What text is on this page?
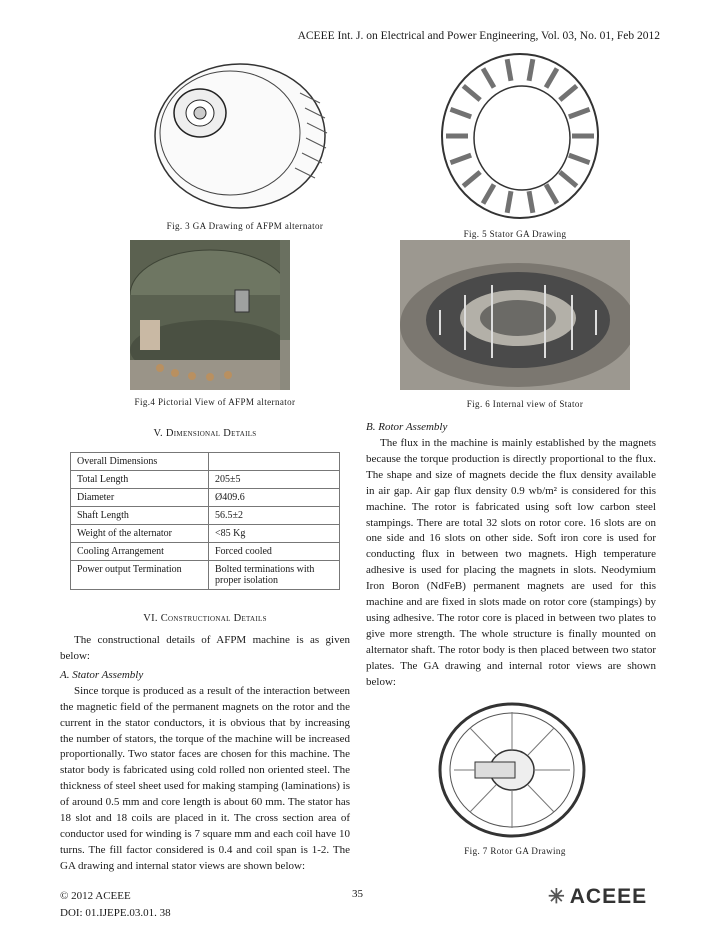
ACEEE Int. J. on Electrical and Power Engineering, Vol. 03, No. 01, Feb 2012
Fig. 3 GA Drawing of AFPM alternator
Fig. 5 Stator GA Drawing
Fig.4 Pictorial View of AFPM alternator	Fig. 6 Internal view of Stator
V. Dimensional Details
Overall Dimensions	
Total Length	205±5
Diameter	Ø409.6
Shaft Length	56.5±2
Weight of the alternator	<85 Kg
Cooling Arrangement	Forced cooled
Power output Termination	Bolted terminations with proper isolation
VI. Constructional Details

The constructional details of AFPM machine is as given below:

A. Stator Assembly

Since torque is produced as a result of the interaction between the magnetic field of the permanent magnets on the rotor and the current in the stator conductors, it is obvious that by increasing the number of stators, the torque of the machine will be increased proportionally. Two stator faces are chosen for this machine. The stator body is fabricated using cold rolled non oriented steel. The thickness of steel sheet used for making stamping (laminations) is of around 0.5 mm and core length is about 60 mm. The stator has 18 slot and 18 coils are placed in it. The cross section area of conductor used for winding is 7 square mm and each coil have 10 turns. The fill factor considered is 0.4 and coil span is 1-2. The GA drawing and internal stator views are shown below:

B. Rotor Assembly

The flux in the machine is mainly established by the magnets because the torque production is directly proportional to the flux. The shape and size of magnets decide the flux density available in air gap. Air gap flux density 0.9 wb/m² is considered for this machine. The rotor is fabricated using soft low carbon steel stampings. There are total 32 slots on rotor core. 16 slots are on one side and 16 slots on other side. Soft iron core is used for conducting flux in between two magnets. High temperature adhesive is used for placing the magnets in slots. Neodymium Iron Boron (NdFeB) permanent magnets are used for this machine and are fixed in slots made on rotor core (stampings) by using adhesive. The rotor core is placed in between two plates to give more strength. The whole structure is finally mounted on alternator shaft. The rotor body is then placed between two stator plates. The GA drawing and internal rotor views are shown below:

Fig. 7 Rotor GA Drawing
© 2012 ACEEE
DOI: 01.IJEPE.03.01. 38
35	✳ ACEEE
